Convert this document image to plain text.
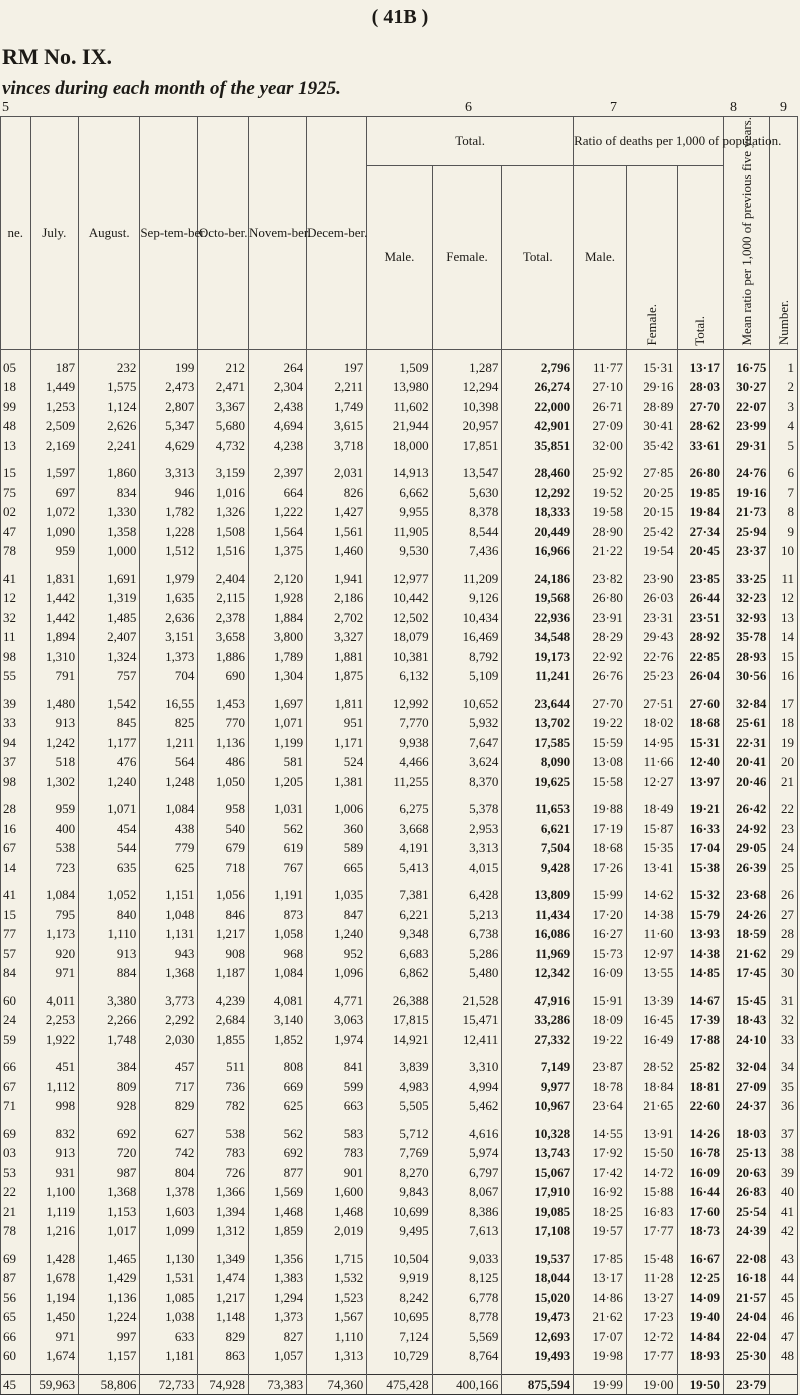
( 41B )
RM No. IX.
vinces during each month of the year 1925.
5	6	7	8	9
ne.	July.	August.	Sep-tem-ber.	Octo-ber.	Novem-ber.	Decem-ber.	Total.			Ratio of deaths per 1,000 of population.			Mean ratio per 1,000 of previous five years.	Number.
							Male.	Female.	Total.	Male.	Female.	Total.		

05	187	232	199	212	264	197	1,509	1,287	2,796	11·77	15·31	13·17	16·75	1
18	1,449	1,575	2,473	2,471	2,304	2,211	13,980	12,294	26,274	27·10	29·16	28·03	30·27	2
99	1,253	1,124	2,807	3,367	2,438	1,749	11,602	10,398	22,000	26·71	28·89	27·70	22·07	3
48	2,509	2,626	5,347	5,680	4,694	3,615	21,944	20,957	42,901	27·09	30·41	28·62	23·99	4
13	2,169	2,241	4,629	4,732	4,238	3,718	18,000	17,851	35,851	32·00	35·42	33·61	29·31	5

15	1,597	1,860	3,313	3,159	2,397	2,031	14,913	13,547	28,460	25·92	27·85	26·80	24·76	6
75	697	834	946	1,016	664	826	6,662	5,630	12,292	19·52	20·25	19·85	19·16	7
02	1,072	1,330	1,782	1,326	1,222	1,427	9,955	8,378	18,333	19·58	20·15	19·84	21·73	8
47	1,090	1,358	1,228	1,508	1,564	1,561	11,905	8,544	20,449	28·90	25·42	27·34	25·94	9
78	959	1,000	1,512	1,516	1,375	1,460	9,530	7,436	16,966	21·22	19·54	20·45	23·37	10

41	1,831	1,691	1,979	2,404	2,120	1,941	12,977	11,209	24,186	23·82	23·90	23·85	33·25	11
12	1,442	1,319	1,635	2,115	1,928	2,186	10,442	9,126	19,568	26·80	26·03	26·44	32·23	12
32	1,442	1,485	2,636	2,378	1,884	2,702	12,502	10,434	22,936	23·91	23·31	23·51	32·93	13
11	1,894	2,407	3,151	3,658	3,800	3,327	18,079	16,469	34,548	28·29	29·43	28·92	35·78	14
98	1,310	1,324	1,373	1,886	1,789	1,881	10,381	8,792	19,173	22·92	22·76	22·85	28·93	15
55	791	757	704	690	1,304	1,875	6,132	5,109	11,241	26·76	25·23	26·04	30·56	16

39	1,480	1,542	16,55	1,453	1,697	1,811	12,992	10,652	23,644	27·70	27·51	27·60	32·84	17
33	913	845	825	770	1,071	951	7,770	5,932	13,702	19·22	18·02	18·68	25·61	18
94	1,242	1,177	1,211	1,136	1,199	1,171	9,938	7,647	17,585	15·59	14·95	15·31	22·31	19
37	518	476	564	486	581	524	4,466	3,624	8,090	13·08	11·66	12·40	20·41	20
98	1,302	1,240	1,248	1,050	1,205	1,381	11,255	8,370	19,625	15·58	12·27	13·97	20·46	21

28	959	1,071	1,084	958	1,031	1,006	6,275	5,378	11,653	19·88	18·49	19·21	26·42	22
16	400	454	438	540	562	360	3,668	2,953	6,621	17·19	15·87	16·33	24·92	23
67	538	544	779	679	619	589	4,191	3,313	7,504	18·68	15·35	17·04	29·05	24
14	723	635	625	718	767	665	5,413	4,015	9,428	17·26	13·41	15·38	26·39	25

41	1,084	1,052	1,151	1,056	1,191	1,035	7,381	6,428	13,809	15·99	14·62	15·32	23·68	26
15	795	840	1,048	846	873	847	6,221	5,213	11,434	17·20	14·38	15·79	24·26	27
77	1,173	1,110	1,131	1,217	1,058	1,240	9,348	6,738	16,086	16·27	11·60	13·93	18·59	28
57	920	913	943	908	968	952	6,683	5,286	11,969	15·73	12·97	14·38	21·62	29
84	971	884	1,368	1,187	1,084	1,096	6,862	5,480	12,342	16·09	13·55	14·85	17·45	30

60	4,011	3,380	3,773	4,239	4,081	4,771	26,388	21,528	47,916	15·91	13·39	14·67	15·45	31
24	2,253	2,266	2,292	2,684	3,140	3,063	17,815	15,471	33,286	18·09	16·45	17·39	18·43	32
59	1,922	1,748	2,030	1,855	1,852	1,974	14,921	12,411	27,332	19·22	16·49	17·88	24·10	33

66	451	384	457	511	808	841	3,839	3,310	7,149	23·87	28·52	25·82	32·04	34
67	1,112	809	717	736	669	599	4,983	4,994	9,977	18·78	18·84	18·81	27·09	35
71	998	928	829	782	625	663	5,505	5,462	10,967	23·64	21·65	22·60	24·37	36

69	832	692	627	538	562	583	5,712	4,616	10,328	14·55	13·91	14·26	18·03	37
03	913	720	742	783	692	783	7,769	5,974	13,743	17·92	15·50	16·78	25·13	38
53	931	987	804	726	877	901	8,270	6,797	15,067	17·42	14·72	16·09	20·63	39
22	1,100	1,368	1,378	1,366	1,569	1,600	9,843	8,067	17,910	16·92	15·88	16·44	26·83	40
21	1,119	1,153	1,603	1,394	1,468	1,468	10,699	8,386	19,085	18·25	16·83	17·60	25·54	41
78	1,216	1,017	1,099	1,312	1,859	2,019	9,495	7,613	17,108	19·57	17·77	18·73	24·39	42

69	1,428	1,465	1,130	1,349	1,356	1,715	10,504	9,033	19,537	17·85	15·48	16·67	22·08	43
87	1,678	1,429	1,531	1,474	1,383	1,532	9,919	8,125	18,044	13·17	11·28	12·25	16·18	44
56	1,194	1,136	1,085	1,217	1,294	1,523	8,242	6,778	15,020	14·86	13·27	14·09	21·57	45
65	1,450	1,224	1,038	1,148	1,373	1,567	10,695	8,778	19,473	21·62	17·23	19·40	24·04	46
66	971	997	633	829	827	1,110	7,124	5,569	12,693	17·07	12·72	14·84	22·04	47
60	1,674	1,157	1,181	863	1,057	1,313	10,729	8,764	19,493	19·98	17·77	18·93	25·30	48

45	59,963	58,806	72,733	74,928	73,383	74,360	475,428	400,166	875,594	19·99	19·00	19·50	23·79	
